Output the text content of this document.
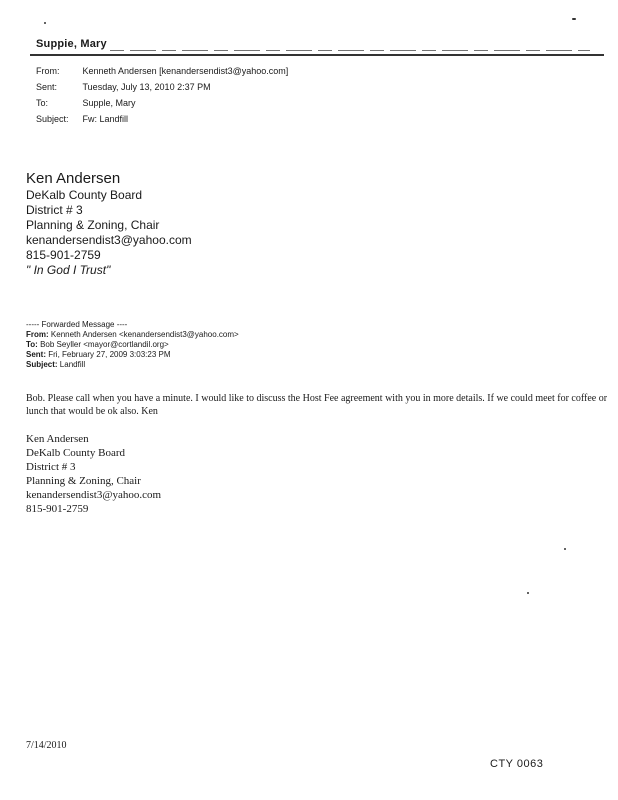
Suppie, Mary
From:	Kenneth Andersen [kenandersendist3@yahoo.com]
Sent:	Tuesday, July 13, 2010 2:37 PM
To:	Supple, Mary
Subject: Fw: Landfill
Ken Andersen
DeKalb County Board
District # 3
Planning & Zoning, Chair
kenandersendist3@yahoo.com
815-901-2759
" In God I Trust"
----- Forwarded Message ----
From: Kenneth Andersen <kenandersendist3@yahoo.com>
To: Bob Seyller <mayor@cortlandil.org>
Sent: Fri, February 27, 2009 3:03:23 PM
Subject: Landfill
Bob. Please call when you have a minute. I would like to discuss the Host Fee agreement with you in more details. If we could meet for coffee or lunch that would be ok also. Ken
Ken Andersen
DeKalb County Board
District # 3
Planning & Zoning, Chair
kenandersendist3@yahoo.com
815-901-2759
7/14/2010
CTY 0063
